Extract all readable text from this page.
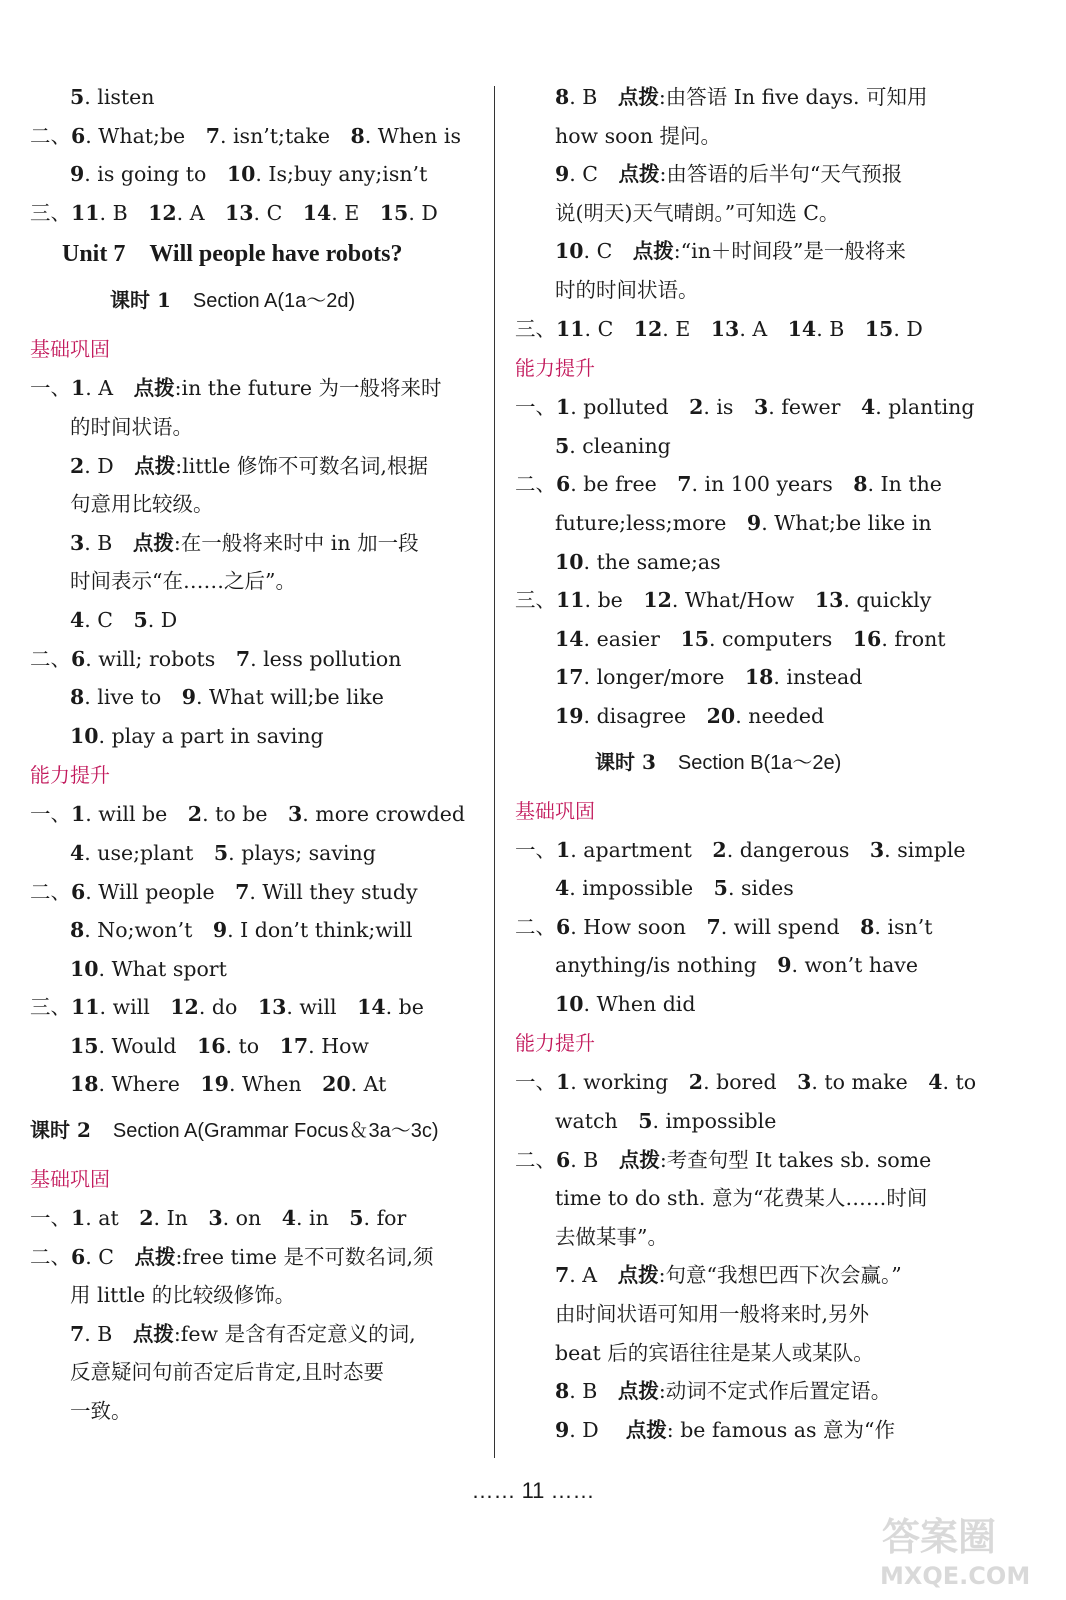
5. listen
二、6. What;be　7. isn’t;take　8. When is
9. is going to　10. Is;buy any;isn’t
三、11. B　12. A　13. C　14. E　15. D
Unit 7　Will people have robots?
课时 1 Section A(1a～2d)
基础巩固
一、1. A　点拨:in the future 为一般将来时
的时间状语。
2. D　点拨:little 修饰不可数名词,根据
句意用比较级。
3. B　点拨:在一般将来时中 in 加一段
时间表示“在……之后”。
4. C　5. D
二、6. will; robots　7. less pollution
8. live to　9. What will;be like
10. play a part in saving
能力提升
一、1. will be　2. to be　3. more crowded
4. use;plant　5. plays; saving
二、6. Will people　7. Will they study
8. No;won’t　9. I don’t think;will
10. What sport
三、11. will　12. do　13. will　14. be
15. Would　16. to　17. How
18. Where　19. When　20. At
课时 2 Section A(Grammar Focus＆3a～3c)
基础巩固
一、1. at　2. In　3. on　4. in　5. for
二、6. C　点拨:free time 是不可数名词,须
用 little 的比较级修饰。
7. B　点拨:few 是含有否定意义的词,
反意疑问句前否定后肯定,且时态要
一致。
8. B　点拨:由答语 In five days. 可知用
how soon 提问。
9. C　点拨:由答语的后半句“天气预报
说(明天)天气晴朗。”可知选 C。
10. C　点拨:“in＋时间段”是一般将来
时的时间状语。
三、11. C　12. E　13. A　14. B　15. D
能力提升
一、1. polluted　2. is　3. fewer　4. planting
5. cleaning
二、6. be free　7. in 100 years　8. In the
future;less;more　9. What;be like in
10. the same;as
三、11. be　12. What/How　13. quickly
14. easier　15. computers　16. front
17. longer/more　18. instead
19. disagree　20. needed
课时 3 Section B(1a～2e)
基础巩固
一、1. apartment　2. dangerous　3. simple
4. impossible　5. sides
二、6. How soon　7. will spend　8. isn’t
anything/is nothing　9. won’t have
10. When did
能力提升
一、1. working　2. bored　3. to make　4. to
watch　5. impossible
二、6. B　点拨:考查句型 It takes sb. some
time to do sth. 意为“花费某人……时间
去做某事”。
7. A　点拨:句意“我想巴西下次会赢。”
由时间状语可知用一般将来时,另外
beat 后的宾语往往是某人或某队。
8. B　点拨:动词不定式作后置定语。
9. D　 点拨: be famous as 意为“作
…… 11 ……
答案圈
MXQE.COM
